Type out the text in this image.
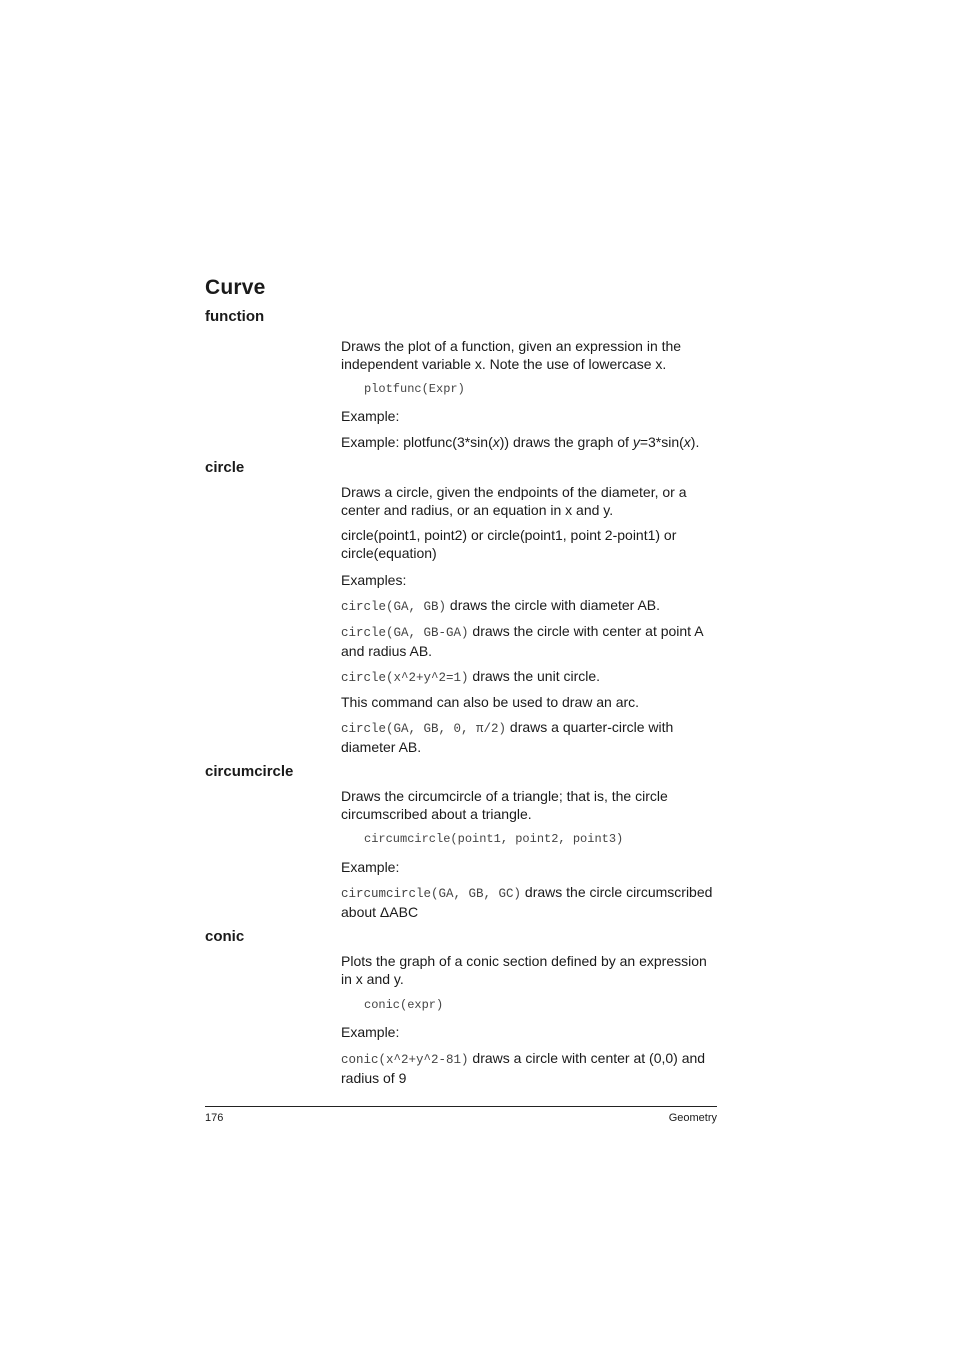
Curve
function
Draws the plot of a function, given an expression in the independent variable x. Note the use of lowercase x.
plotfunc(Expr)
Example:
Example: plotfunc(3*sin(x)) draws the graph of y=3*sin(x).
circle
Draws a circle, given the endpoints of the diameter, or a center and radius, or an equation in x and y.
circle(point1, point2) or circle(point1, point 2-point1) or circle(equation)
Examples:
circle(GA, GB) draws the circle with diameter AB.
circle(GA, GB-GA) draws the circle with center at point A and radius AB.
circle(x^2+y^2=1) draws the unit circle.
This command can also be used to draw an arc.
circle(GA, GB, 0, π/2) draws a quarter-circle with diameter AB.
circumcircle
Draws the circumcircle of a triangle; that is, the circle circumscribed about a triangle.
circumcircle(point1, point2, point3)
Example:
circumcircle(GA, GB, GC) draws the circle circumscribed about ΔABC
conic
Plots the graph of a conic section defined by an expression in x and y.
conic(expr)
Example:
conic(x^2+y^2-81) draws a circle with center at (0,0) and radius of 9
176	Geometry
